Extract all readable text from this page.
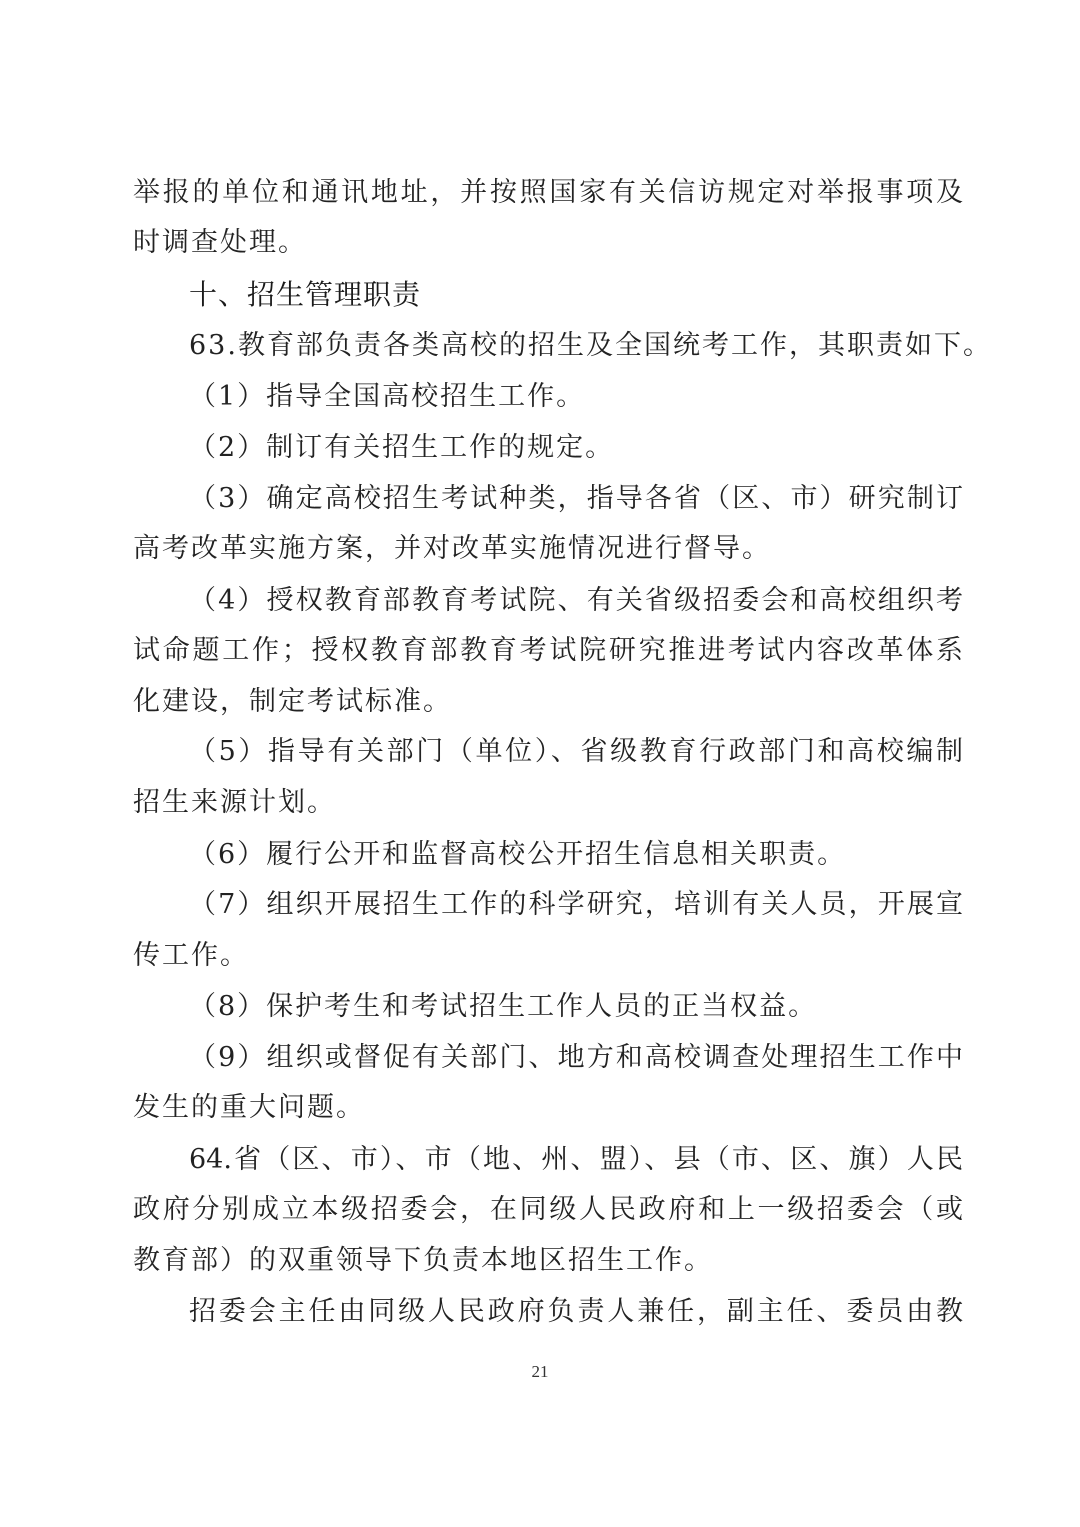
举报的单位和通讯地址，并按照国家有关信访规定对举报事项及
时调查处理。
十、招生管理职责
63.教育部负责各类高校的招生及全国统考工作，其职责如下。
（1）指导全国高校招生工作。
（2）制订有关招生工作的规定。
（3）确定高校招生考试种类，指导各省（区、市）研究制订
高考改革实施方案，并对改革实施情况进行督导。
（4）授权教育部教育考试院、有关省级招委会和高校组织考
试命题工作；授权教育部教育考试院研究推进考试内容改革体系
化建设，制定考试标准。
（5）指导有关部门（单位）、省级教育行政部门和高校编制
招生来源计划。
（6）履行公开和监督高校公开招生信息相关职责。
（7）组织开展招生工作的科学研究，培训有关人员，开展宣
传工作。
（8）保护考生和考试招生工作人员的正当权益。
（9）组织或督促有关部门、地方和高校调查处理招生工作中
发生的重大问题。
64.省（区、市）、市（地、州、盟）、县（市、区、旗）人民
政府分别成立本级招委会，在同级人民政府和上一级招委会（或
教育部）的双重领导下负责本地区招生工作。
招委会主任由同级人民政府负责人兼任，副主任、委员由教
21
